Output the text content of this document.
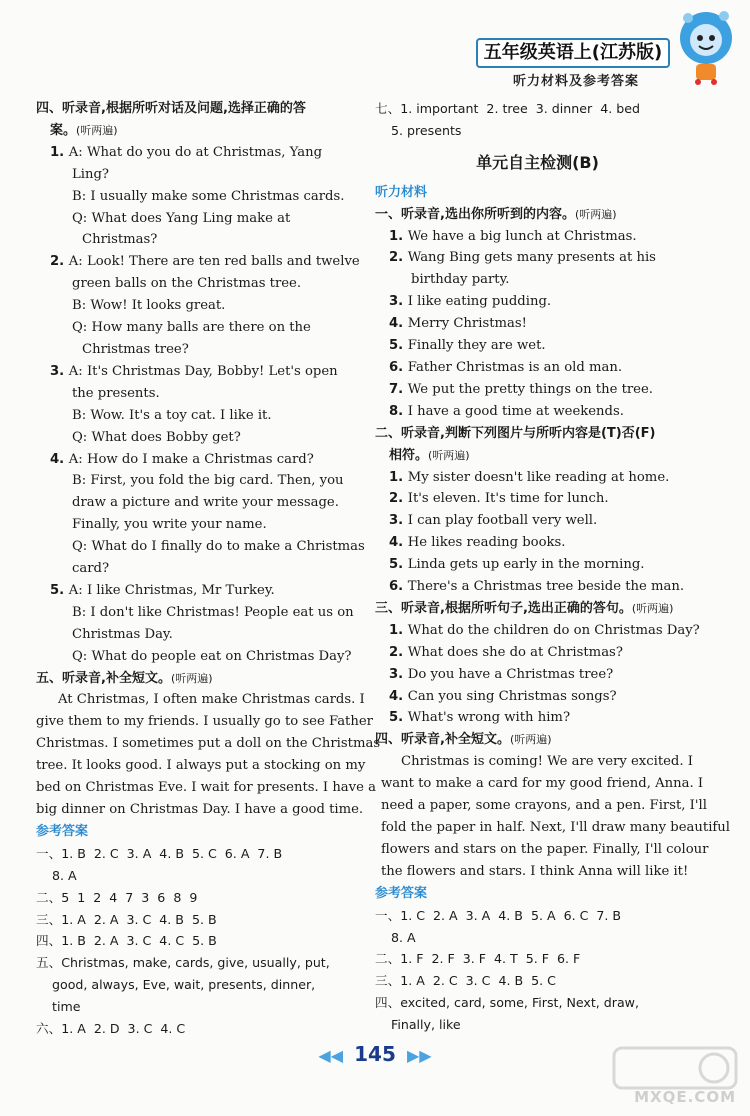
五年级英语上(江苏版)
听力材料及参考答案
四、听录音,根据所听对话及问题,选择正确的答
案。(听两遍)
1. A: What do you do at Christmas, Yang
Ling?
B: I usually make some Christmas cards.
Q: What does Yang Ling make at
Christmas?
2. A: Look! There are ten red balls and twelve
green balls on the Christmas tree.
B: Wow! It looks great.
Q: How many balls are there on the
Christmas tree?
3. A: It's Christmas Day, Bobby! Let's open
the presents.
B: Wow. It's a toy cat. I like it.
Q: What does Bobby get?
4. A: How do I make a Christmas card?
B: First, you fold the big card. Then, you
draw a picture and write your message.
Finally, you write your name.
Q: What do I finally do to make a Christmas
card?
5. A: I like Christmas, Mr Turkey.
B: I don't like Christmas! People eat us on
Christmas Day.
Q: What do people eat on Christmas Day?
五、听录音,补全短文。(听两遍)
At Christmas, I often make Christmas cards. I
give them to my friends. I usually go to see Father
Christmas. I sometimes put a doll on the Christmas
tree. It looks good. I always put a stocking on my
bed on Christmas Eve. I wait for presents. I have a
big dinner on Christmas Day. I have a good time.
参考答案
一、1. B  2. C  3. A  4. B  5. C  6. A  7. B
8. A
二、5  1  2  4  7  3  6  8  9
三、1. A  2. A  3. C  4. B  5. B
四、1. B  2. A  3. C  4. C  5. B
五、Christmas, make, cards, give, usually, put,
good, always, Eve, wait, presents, dinner,
time
六、1. A  2. D  3. C  4. C
七、1. important  2. tree  3. dinner  4. bed
5. presents
单元自主检测(B)
听力材料
一、听录音,选出你所听到的内容。(听两遍)
1. We have a big lunch at Christmas.
2. Wang Bing gets many presents at his
birthday party.
3. I like eating pudding.
4. Merry Christmas!
5. Finally they are wet.
6. Father Christmas is an old man.
7. We put the pretty things on the tree.
8. I have a good time at weekends.
二、听录音,判断下列图片与所听内容是(T)否(F)
相符。(听两遍)
1. My sister doesn't like reading at home.
2. It's eleven. It's time for lunch.
3. I can play football very well.
4. He likes reading books.
5. Linda gets up early in the morning.
6. There's a Christmas tree beside the man.
三、听录音,根据所听句子,选出正确的答句。(听两遍)
1. What do the children do on Christmas Day?
2. What does she do at Christmas?
3. Do you have a Christmas tree?
4. Can you sing Christmas songs?
5. What's wrong with him?
四、听录音,补全短文。(听两遍)
Christmas is coming! We are very excited. I
want to make a card for my good friend, Anna. I
need a paper, some crayons, and a pen. First, I'll
fold the paper in half. Next, I'll draw many beautiful
flowers and stars on the paper. Finally, I'll colour
the flowers and stars. I think Anna will like it!
参考答案
一、1. C  2. A  3. A  4. B  5. A  6. C  7. B
8. A
二、1. F  2. F  3. F  4. T  5. F  6. F
三、1. A  2. C  3. C  4. B  5. C
四、excited, card, some, First, Next, draw,
Finally, like
◀◀ 145 ▶▶
MXQE.COM
